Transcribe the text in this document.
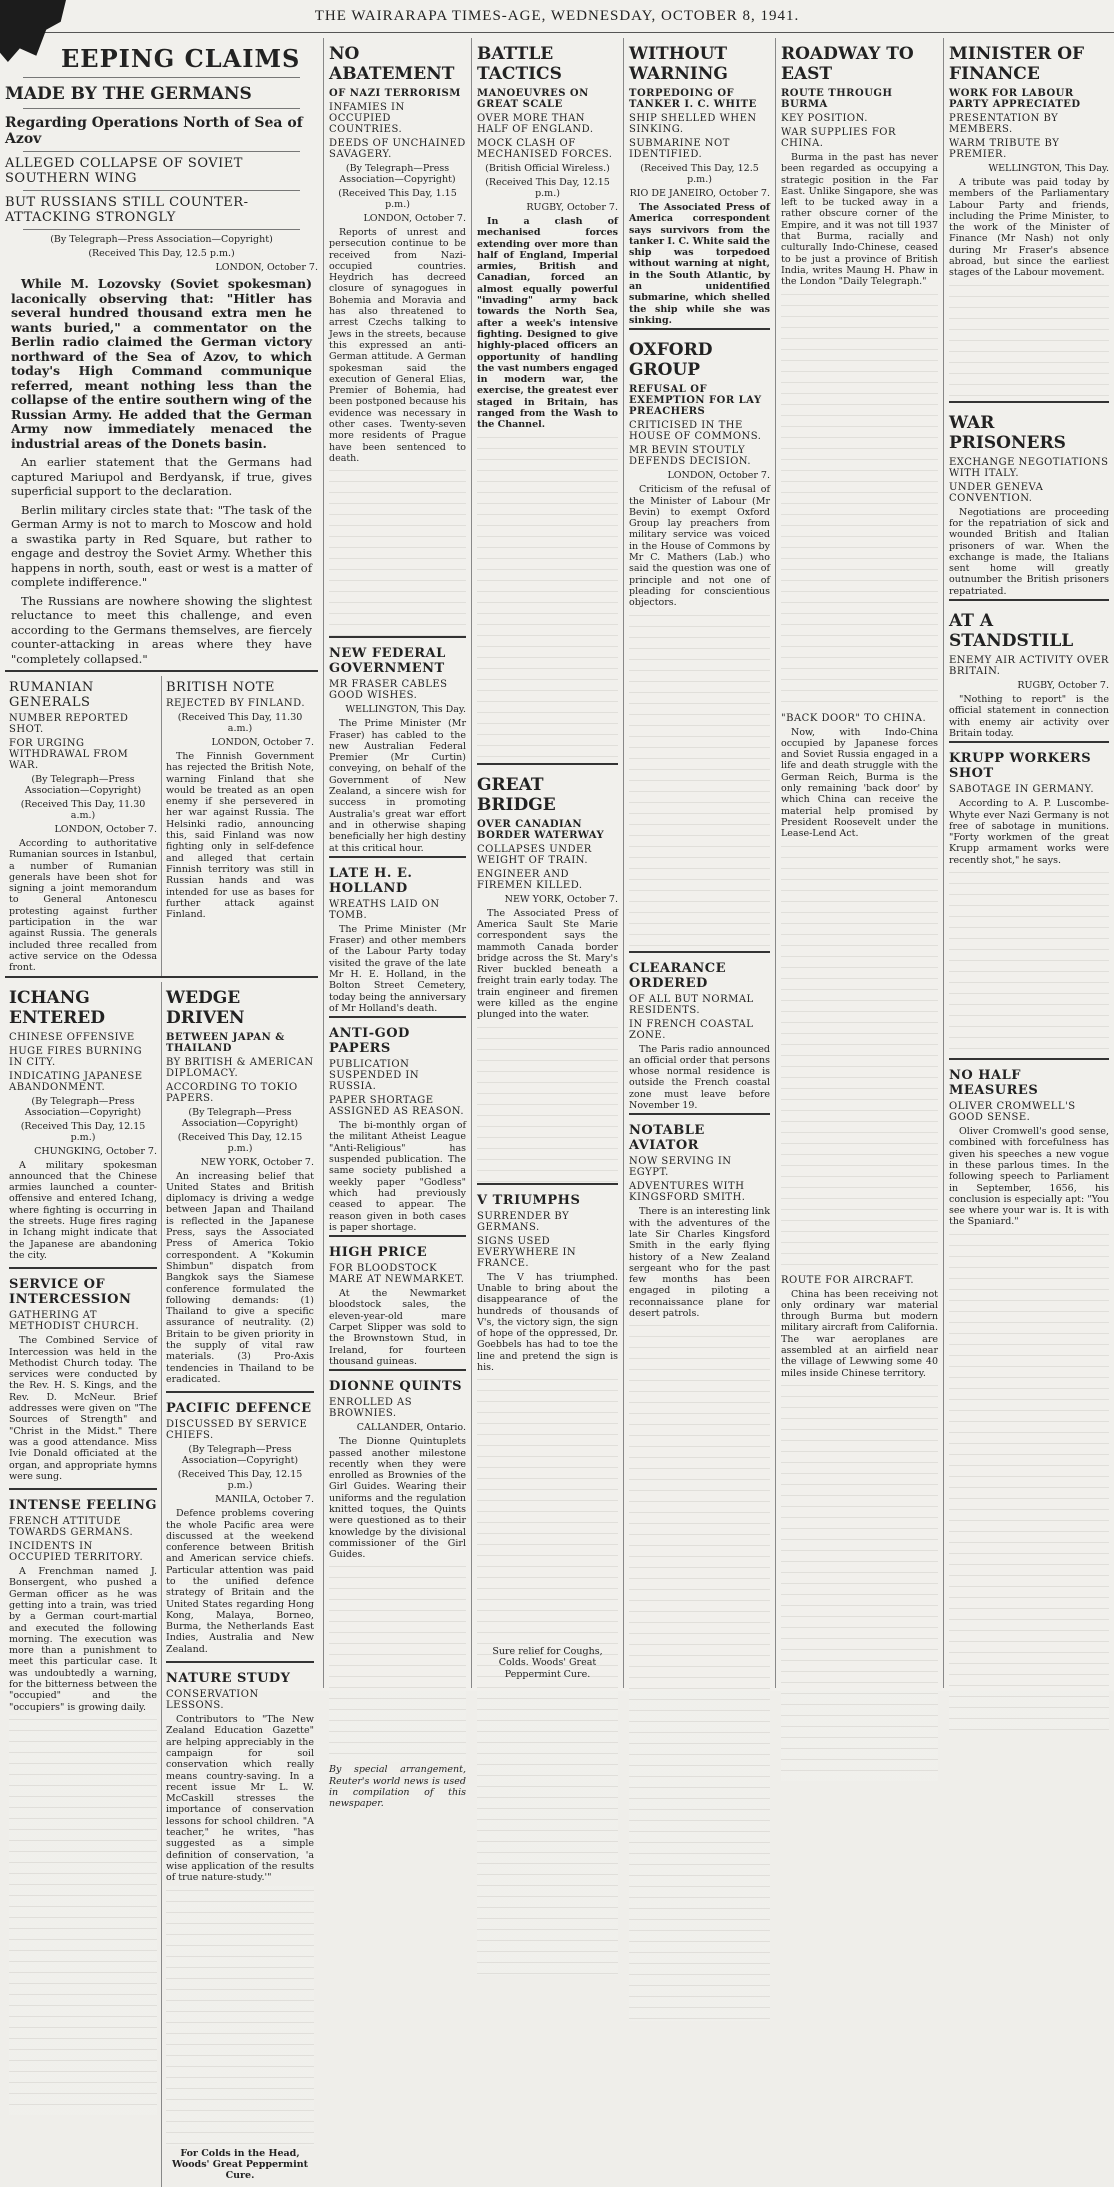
THE WAIRARAPA TIMES-AGE, WEDNESDAY, OCTOBER 8, 1941.
EEPING CLAIMS
MADE BY THE GERMANS
Regarding Operations North of Sea of Azov
ALLEGED COLLAPSE OF SOVIET SOUTHERN WING
BUT RUSSIANS STILL COUNTER-ATTACKING STRONGLY
(By Telegraph—Press Association—Copyright)
(Received This Day, 12.5 p.m.)
LONDON, October 7.
While M. Lozovsky (Soviet spokesman) laconically observing that: "Hitler has several hundred thousand extra men he wants buried," a commentator on the Berlin radio claimed the German victory northward of the Sea of Azov, to which today's High Command communique referred, meant nothing less than the collapse of the entire southern wing of the Russian Army. He added that the German Army now immediately menaced the industrial areas of the Donets basin.
An earlier statement that the Germans had captured Mariupol and Berdyansk, if true, gives superficial support to the declaration.
Berlin military circles state that: "The task of the German Army is not to march to Moscow and hold a swastika party in Red Square, but rather to engage and destroy the Soviet Army. Whether this happens in north, south, east or west is a matter of complete indifference."
The Russians are nowhere showing the slightest reluctance to meet this challenge, and even according to the Germans themselves, are fiercely counter-attacking in areas where they have "completely collapsed."
RUMANIAN GENERALS
NUMBER REPORTED SHOT.
FOR URGING WITHDRAWAL FROM WAR.
(By Telegraph—Press Association—Copyright)
(Received This Day, 11.30 a.m.)
LONDON, October 7.
According to authoritative Rumanian sources in Istanbul, a number of Rumanian generals have been shot for signing a joint memorandum to General Antonescu protesting against further participation in the war against Russia. The generals included three recalled from active service on the Odessa front.
BRITISH NOTE
REJECTED BY FINLAND.
(Received This Day, 11.30 a.m.)
LONDON, October 7.
The Finnish Government has rejected the British Note, warning Finland that she would be treated as an open enemy if she persevered in her war against Russia. The Helsinki radio, announcing this, said Finland was now fighting only in self-defence and alleged that certain Finnish territory was still in Russian hands and was intended for use as bases for further attack against Finland.
ICHANG ENTERED
CHINESE OFFENSIVE
HUGE FIRES BURNING IN CITY.
INDICATING JAPANESE ABANDONMENT.
(By Telegraph—Press Association—Copyright)
(Received This Day, 12.15 p.m.)
CHUNGKING, October 7.
A military spokesman announced that the Chinese armies launched a counter-offensive and entered Ichang, where fighting is occurring in the streets. Huge fires raging in Ichang might indicate that the Japanese are abandoning the city.
SERVICE OF INTERCESSION
GATHERING AT METHODIST CHURCH.
The Combined Service of Intercession was held in the Methodist Church today. The services were conducted by the Rev. H. S. Kings, and the Rev. D. McNeur. Brief addresses were given on "The Sources of Strength" and "Christ in the Midst." There was a good attendance. Miss Ivie Donald officiated at the organ, and appropriate hymns were sung.
INTENSE FEELING
FRENCH ATTITUDE TOWARDS GERMANS.
INCIDENTS IN OCCUPIED TERRITORY.
A Frenchman named J. Bonsergent, who pushed a German officer as he was getting into a train, was tried by a German court-martial and executed the following morning. The execution was more than a punishment to meet this particular case. It was undoubtedly a warning, for the bitterness between the "occupied" and the "occupiers" is growing daily.
WEDGE DRIVEN
BETWEEN JAPAN & THAILAND
BY BRITISH & AMERICAN DIPLOMACY.
ACCORDING TO TOKIO PAPERS.
(By Telegraph—Press Association—Copyright)
(Received This Day, 12.15 p.m.)
NEW YORK, October 7.
An increasing belief that United States and British diplomacy is driving a wedge between Japan and Thailand is reflected in the Japanese Press, says the Associated Press of America Tokio correspondent. A "Kokumin Shimbun" dispatch from Bangkok says the Siamese conference formulated the following demands: (1) Thailand to give a specific assurance of neutrality. (2) Britain to be given priority in the supply of vital raw materials. (3) Pro-Axis tendencies in Thailand to be eradicated.
PACIFIC DEFENCE
DISCUSSED BY SERVICE CHIEFS.
(By Telegraph—Press Association—Copyright)
(Received This Day, 12.15 p.m.)
MANILA, October 7.
Defence problems covering the whole Pacific area were discussed at the weekend conference between British and American service chiefs. Particular attention was paid to the unified defence strategy of Britain and the United States regarding Hong Kong, Malaya, Borneo, Burma, the Netherlands East Indies, Australia and New Zealand.
NATURE STUDY
CONSERVATION LESSONS.
Contributors to "The New Zealand Education Gazette" are helping appreciably in the campaign for soil conservation which really means country-saving. In a recent issue Mr L. W. McCaskill stresses the importance of conservation lessons for school children. "A teacher," he writes, "has suggested as a simple definition of conservation, 'a wise application of the results of true nature-study.'"
For Colds in the Head, Woods' Great Peppermint Cure.
NO ABATEMENT
OF NAZI TERRORISM
INFAMIES IN OCCUPIED COUNTRIES.
DEEDS OF UNCHAINED SAVAGERY.
(By Telegraph—Press Association—Copyright)
(Received This Day, 1.15 p.m.)
LONDON, October 7.
Reports of unrest and persecution continue to be received from Nazi-occupied countries. Heydrich has decreed closure of synagogues in Bohemia and Moravia and has also threatened to arrest Czechs talking to Jews in the streets, because this expressed an anti-German attitude. A German spokesman said the execution of General Elias, Premier of Bohemia, had been postponed because his evidence was necessary in other cases. Twenty-seven more residents of Prague have been sentenced to death.
NEW FEDERAL GOVERNMENT
MR FRASER CABLES GOOD WISHES.
WELLINGTON, This Day.
The Prime Minister (Mr Fraser) has cabled to the new Australian Federal Premier (Mr Curtin) conveying, on behalf of the Government of New Zealand, a sincere wish for success in promoting Australia's great war effort and in otherwise shaping beneficially her high destiny at this critical hour.
LATE H. E. HOLLAND
WREATHS LAID ON TOMB.
The Prime Minister (Mr Fraser) and other members of the Labour Party today visited the grave of the late Mr H. E. Holland, in the Bolton Street Cemetery, today being the anniversary of Mr Holland's death.
ANTI-GOD PAPERS
PUBLICATION SUSPENDED IN RUSSIA.
PAPER SHORTAGE ASSIGNED AS REASON.
The bi-monthly organ of the militant Atheist League "Anti-Religious" has suspended publication. The same society published a weekly paper "Godless" which had previously ceased to appear. The reason given in both cases is paper shortage.
HIGH PRICE
FOR BLOODSTOCK MARE AT NEWMARKET.
At the Newmarket bloodstock sales, the eleven-year-old mare Carpet Slipper was sold to the Brownstown Stud, in Ireland, for fourteen thousand guineas.
DIONNE QUINTS
ENROLLED AS BROWNIES.
CALLANDER, Ontario.
The Dionne Quintuplets passed another milestone recently when they were enrolled as Brownies of the Girl Guides. Wearing their uniforms and the regulation knitted toques, the Quints were questioned as to their knowledge by the divisional commissioner of the Girl Guides.
By special arrangement, Reuter's world news is used in compilation of this newspaper.
BATTLE TACTICS
MANOEUVRES ON GREAT SCALE
OVER MORE THAN HALF OF ENGLAND.
MOCK CLASH OF MECHANISED FORCES.
(British Official Wireless.)
(Received This Day, 12.15 p.m.)
RUGBY, October 7.
In a clash of mechanised forces extending over more than half of England, Imperial armies, British and Canadian, forced an almost equally powerful "invading" army back towards the North Sea, after a week's intensive fighting. Designed to give highly-placed officers an opportunity of handling the vast numbers engaged in modern war, the exercise, the greatest ever staged in Britain, has ranged from the Wash to the Channel.
GREAT BRIDGE
OVER CANADIAN BORDER WATERWAY
COLLAPSES UNDER WEIGHT OF TRAIN.
ENGINEER AND FIREMEN KILLED.
NEW YORK, October 7.
The Associated Press of America Sault Ste Marie correspondent says the mammoth Canada border bridge across the St. Mary's River buckled beneath a freight train early today. The train engineer and firemen were killed as the engine plunged into the water.
V TRIUMPHS
SURRENDER BY GERMANS.
SIGNS USED EVERYWHERE IN FRANCE.
The V has triumphed. Unable to bring about the disappearance of the hundreds of thousands of V's, the victory sign, the sign of hope of the oppressed, Dr. Goebbels has had to toe the line and pretend the sign is his.
Sure relief for Coughs, Colds. Woods' Great Peppermint Cure.
WITHOUT WARNING
TORPEDOING OF TANKER I. C. WHITE
SHIP SHELLED WHEN SINKING.
SUBMARINE NOT IDENTIFIED.
(Received This Day, 12.5 p.m.)
RIO DE JANEIRO, October 7.
The Associated Press of America correspondent says survivors from the tanker I. C. White said the ship was torpedoed without warning at night, in the South Atlantic, by an unidentified submarine, which shelled the ship while she was sinking.
OXFORD GROUP
REFUSAL OF EXEMPTION FOR LAY PREACHERS
CRITICISED IN THE HOUSE OF COMMONS.
MR BEVIN STOUTLY DEFENDS DECISION.
LONDON, October 7.
Criticism of the refusal of the Minister of Labour (Mr Bevin) to exempt Oxford Group lay preachers from military service was voiced in the House of Commons by Mr C. Mathers (Lab.) who said the question was one of principle and not one of pleading for conscientious objectors.
CLEARANCE ORDERED
OF ALL BUT NORMAL RESIDENTS.
IN FRENCH COASTAL ZONE.
The Paris radio announced an official order that persons whose normal residence is outside the French coastal zone must leave before November 19.
NOTABLE AVIATOR
NOW SERVING IN EGYPT.
ADVENTURES WITH KINGSFORD SMITH.
There is an interesting link with the adventures of the late Sir Charles Kingsford Smith in the early flying history of a New Zealand sergeant who for the past few months has been engaged in piloting a reconnaissance plane for desert patrols.
ROADWAY TO EAST
ROUTE THROUGH BURMA
KEY POSITION.
WAR SUPPLIES FOR CHINA.
Burma in the past has never been regarded as occupying a strategic position in the Far East. Unlike Singapore, she was left to be tucked away in a rather obscure corner of the Empire, and it was not till 1937 that Burma, racially and culturally Indo-Chinese, ceased to be just a province of British India, writes Maung H. Phaw in the London "Daily Telegraph."
"BACK DOOR" TO CHINA.
Now, with Indo-China occupied by Japanese forces and Soviet Russia engaged in a life and death struggle with the German Reich, Burma is the only remaining 'back door' by which China can receive the material help promised by President Roosevelt under the Lease-Lend Act.
ROUTE FOR AIRCRAFT.
China has been receiving not only ordinary war material through Burma but modern military aircraft from California. The war aeroplanes are assembled at an airfield near the village of Lewwing some 40 miles inside Chinese territory.
MINISTER OF FINANCE
WORK FOR LABOUR PARTY APPRECIATED
PRESENTATION BY MEMBERS.
WARM TRIBUTE BY PREMIER.
WELLINGTON, This Day.
A tribute was paid today by members of the Parliamentary Labour Party and friends, including the Prime Minister, to the work of the Minister of Finance (Mr Nash) not only during Mr Fraser's absence abroad, but since the earliest stages of the Labour movement.
WAR PRISONERS
EXCHANGE NEGOTIATIONS WITH ITALY.
UNDER GENEVA CONVENTION.
Negotiations are proceeding for the repatriation of sick and wounded British and Italian prisoners of war. When the exchange is made, the Italians sent home will greatly outnumber the British prisoners repatriated.
AT A STANDSTILL
ENEMY AIR ACTIVITY OVER BRITAIN.
RUGBY, October 7.
"Nothing to report" is the official statement in connection with enemy air activity over Britain today.
KRUPP WORKERS SHOT
SABOTAGE IN GERMANY.
According to A. P. Luscombe-Whyte ever Nazi Germany is not free of sabotage in munitions. "Forty workmen of the great Krupp armament works were recently shot," he says.
NO HALF MEASURES
OLIVER CROMWELL'S GOOD SENSE.
Oliver Cromwell's good sense, combined with forcefulness has given his speeches a new vogue in these parlous times. In the following speech to Parliament in September, 1656, his conclusion is especially apt: "You see where your war is. It is with the Spaniard."
